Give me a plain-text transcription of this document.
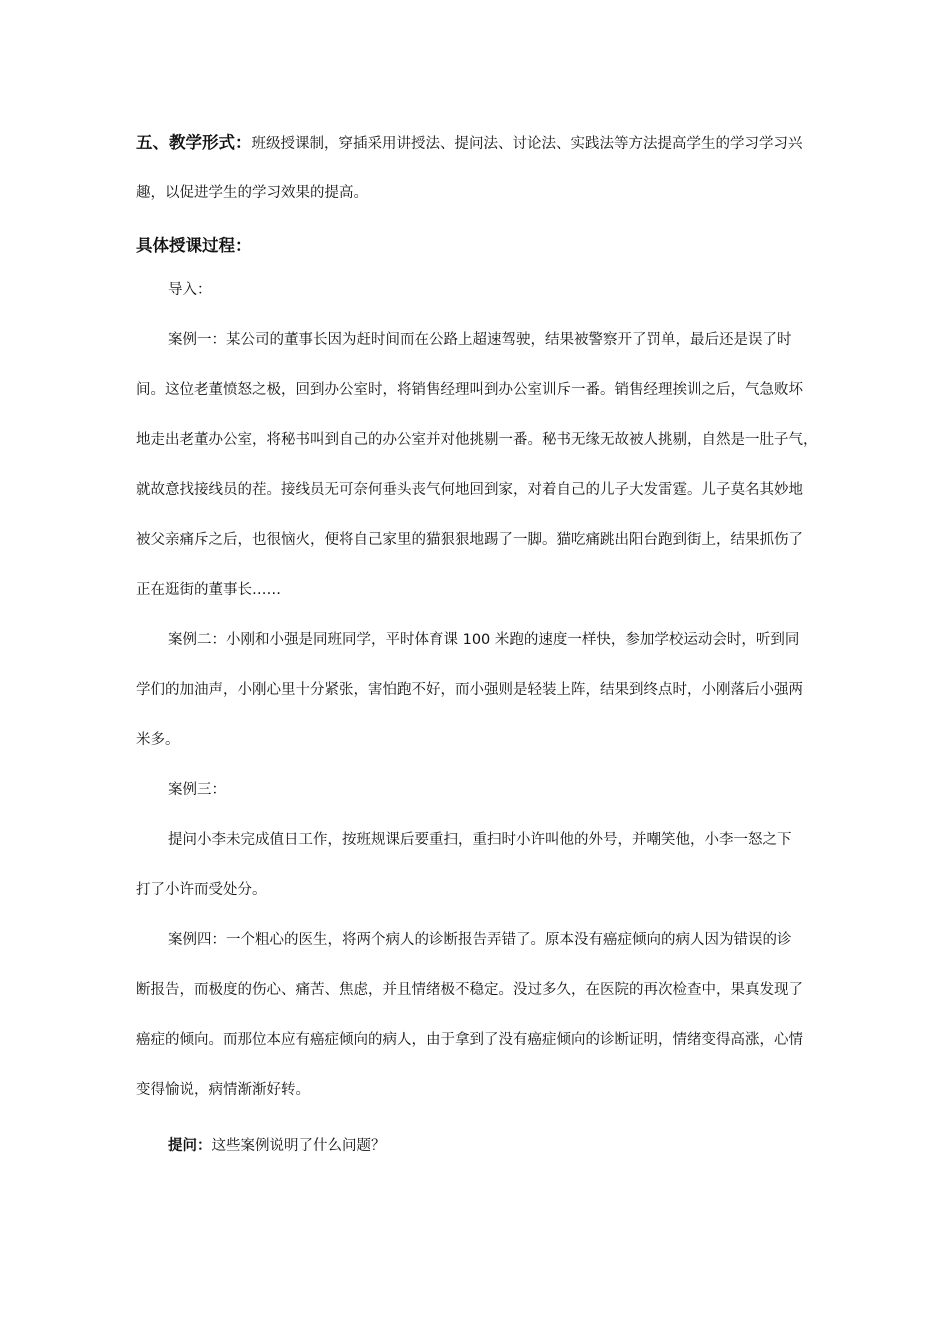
五、教学形式：班级授课制，穿插采用讲授法、提问法、讨论法、实践法等方法提高学生的学习学习兴
趣，以促进学生的学习效果的提高。
具体授课过程：
导入：
案例一：某公司的董事长因为赶时间而在公路上超速驾驶，结果被警察开了罚单，最后还是误了时
间。这位老董愤怒之极，回到办公室时，将销售经理叫到办公室训斥一番。销售经理挨训之后，气急败坏
地走出老董办公室，将秘书叫到自己的办公室并对他挑剔一番。秘书无缘无故被人挑剔，自然是一肚子气，
就故意找接线员的茬。接线员无可奈何垂头丧气何地回到家，对着自己的儿子大发雷霆。儿子莫名其妙地
被父亲痛斥之后，也很恼火，便将自己家里的猫狠狠地踢了一脚。猫吃痛跳出阳台跑到街上，结果抓伤了
正在逛街的董事长……
案例二：小刚和小强是同班同学，平时体育课 100 米跑的速度一样快，参加学校运动会时，听到同
学们的加油声，小刚心里十分紧张，害怕跑不好，而小强则是轻装上阵，结果到终点时，小刚落后小强两
米多。
案例三：
提问小李未完成值日工作，按班规课后要重扫，重扫时小许叫他的外号，并嘲笑他，小李一怒之下
打了小许而受处分。
案例四：一个粗心的医生，将两个病人的诊断报告弄错了。原本没有癌症倾向的病人因为错误的诊
断报告，而极度的伤心、痛苦、焦虑，并且情绪极不稳定。没过多久，在医院的再次检查中，果真发现了
癌症的倾向。而那位本应有癌症倾向的病人，由于拿到了没有癌症倾向的诊断证明，情绪变得高涨，心情
变得愉说，病情渐渐好转。
提问：这些案例说明了什么问题？
